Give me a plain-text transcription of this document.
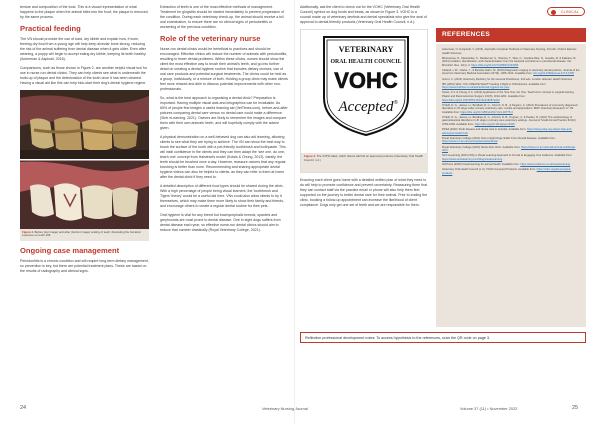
texture and composition of the food. This is a visual representation of what happens to the plaque when the animal bites into the food; the plaque is removed by the same process.

Practical feeding

The VN should promote the use of hard, dry kibble and explain how, if worn, feeding dry food from a young age will help keep alveolar bone strong, reducing the risk of the animal suffering from dental disease when it gets older. Even after weaning, a puppy will begin to accept eating dry kibble, keeping its teeth healthy (Ackerman & Aspinall, 2016).

Comparisons, such as those shown in Figure 2, are another helpful visual tool for use in nurse-run dental clinics. They can help clients see what is underneath the build-up of plaque and the deterioration of the tooth once it has been cleaned. Having a visual aid like this can help kick-start their dog's dental hygiene regime.

Figure 2. Before (top image) and after (bottom image) scaling of teeth, illustrating the furcation exposure on tooth 108
Ongoing case management

Periodontitis is a chronic condition and will require long-term dietary management, so prevention is key, but there are potential treatment plans. These are based on the results of radiography and clinical signs.

Extraction of teeth is one of the most effective methods of management. Treatment for gingivitis should be started immediately to prevent progression of the condition. During each veterinary check-up, the animal should receive a full oral examination, to ensure there are no clinical signs of periodontitis or worsening of the previous condition.

Role of the veterinary nurse

Nurse-run dental clinics would be beneficial to practices and should be encouraged. Effective clinics will reduce the number of animals with periodontitis, resulting in fewer dental problems. Within these clinics, nurses should show the client the most effective way to brush their animal's teeth, and go into further detail on creating a dental hygiene routine that includes dietary choices, use of oral care products and potential surgical treatments. The clinics could be held as a group, individually, or a mixture of both. Holding a group clinic may make clients feel more relaxed and able to discuss potential improvements with other non-professionals.

So, what is the best approach to organising a dental clinic? Preparation is important. Having multiple visual aids and infographics can be invaluable. As 65% of people find images a useful learning aid (VetTimes.com), before-and-after pictures comparing dental care versus no dental care could make a difference (Sinh eLearning, 2021). Owners are likely to remember the images and compare them with their own animals' teeth, and will hopefully comply with the advice given.

A physical demonstration on a well-behaved dog can also aid learning, allowing clients to see what they are trying to achieve. The VN can show the best way to brush the surface of the tooth with a pet-friendly toothbrush and toothpaste. This will instil confidence in the clients and they can then adapt the 'see one, do one, teach one' concept from Halstead's model (Kotsis & Chung, 2013). Ideally, the teeth should be brushed once a day. However, reassure owners that any regular brushing is better than none. Recommending and sharing appropriate dental hygiene videos can also be helpful to clients, as they can refer to them at home after the dental clinic if they need to.

A detailed description of different food types should be shared during the clinic. With a high percentage of people being visual learners, the 'toothbrush and Tigers' theory' would be a useful aid here. VNs could also allow clients to try it themselves, which may make them more likely to show their family and friends, and encourage others to create a regular dental routine for their pets.

Oral hygiene is vital for any breed but brachycephalic breeds, spaniels and greyhounds are most prone to dental disease. One in eight dogs suffers from dental disease each year, so effective nurse-run dental clinics should aim to reduce that number drastically (Royal Veterinary College, 2021).

Additionally, ask the client to check out for the VOHC (Veterinary Oral Health Council) symbol on dog foods and treats, as shown in Figure 3. VOHC is a council made up of veterinary dentists and dental specialists who give the seal of approval to dental-friendly products (Veterinary Oral Health Council, n.d.).

VETERINARY
ORAL HEALTH COUNCIL
VOHC
Accepted ®
Figure 3. The VOHC label, which clients will find on approved products (Veterinary Oral Health Council, n.d.)

Ensuring each client goes home with a detailed written plan of what they need to do will help to promote confidence and prevent uncertainty. Reassuring them that they can contact staff via the practice email or phone will also help them feel supported on the journey to better dental care for their animal. Prior to ending the clinic, booking a follow-up appointment can increase the likelihood of client compliance. Dogs only get one set of teeth and we are responsible for them.

CLINICAL
REFERENCES
Ackerman, N. & Aspinall, V. (2016). Aspinall's Complete Textbook of Veterinary Nursing, 3rd edn. Oxford: Elsevier Health Sciences
Bhanupriya, D., Maneshkar, S., Ravikumar, S., Sharma, T., Dias, C., Guedes-Reis, N., Guedes, R. & Fakkara, M. (2021) Isolation, identification, and characterisation from the bacterial microbiome in periodontal disease. Vet. Microbiol. Res. 12(1), 3. https://doi.org/10.2147/VMRR.S324356
Cleland, L.W., Clarke, Y., & Bereiter-Hahn, M. (2016) Diagnostic imaging in veterinary dental practice. Journal of the American Veterinary Medical Association 247(9), 1005-1014. Available from: doi.org/10.2460/javma.247.9.1005
Gorrel, C. (2013) Veterinary Dentistry for the General Practitioner, 2nd edn. London: Elsevier Health Sciences
IBV (2016) WILL YOU CREATE WHAT? Getting It Right in Orthodontics. Available from: https://www.thebhss.co.uk/article/dental-hygiene-for-pets
Kotsis, S.V. & Chung, K.C. (2013) Application of the 'See One, Do One, Teach One' concept in surgical training. Plastic and Reconstructive Surgery 131(5), 1194-1201. Available from: https://doi.org/10.1097/PRS.0b013e318287a0b3
O'Neill, D. G., James, H., Brodbelt, D. C., Church, D. B., & Pegram, C. (2021) Prevalence of commonly diagnosed disorders in UK dogs under primary veterinary care: results and applications. BMC Veterinary Research 17, 69. Available from: https://doi.org/10.1186/s12917-021-02775-3
O'Neill, D. G., James, H., Brodbelt, D. C., Church, D. B., Pegram, C. & Packer, R. (2021) The epidemiology of gastrointestinal disorders in UK dogs in primary-care veterinary settings. Journal of Small Animal Practice 62(12), 1059-1069. Available from: https://doi.org/10.1111/jsap.13405
PDSA (2020) Tooth disease and dental care in animals. Available from: https://www.pdsa.org.uk/pet-help-and-advice/pet-health-hub
Royal Veterinary College (2021) One in Eight Dogs Suffer From Dental Disease. Available from: https://www.rvc.ac.uk/vetcompass/news/dental
Royal Veterinary College (2021) Nurse-Run Clinic. Available from: https://www.rvc.ac.uk/small-animal-vet/dental-clinic
Sinh eLearning (2021) Why a Visual Learning Approach is Crucial to Engaging Your Audience. Available from: https://www.sinhelearning.com/blog/visual-learning
VetTimes (2020) Visual learning for animal health. Available from: https://www.vettimes.co.uk/visual-learning
Veterinary Oral Health Council (n.d.) VOHC Accepted Products. Available from: https://vohc.org/all-accepted-products
Reflective professional development notes: To access hypothesis to the references, scan the QR code on page 3.
24	Veterinary Nursing Journal	Volume 37 (11) • November 2022	25
